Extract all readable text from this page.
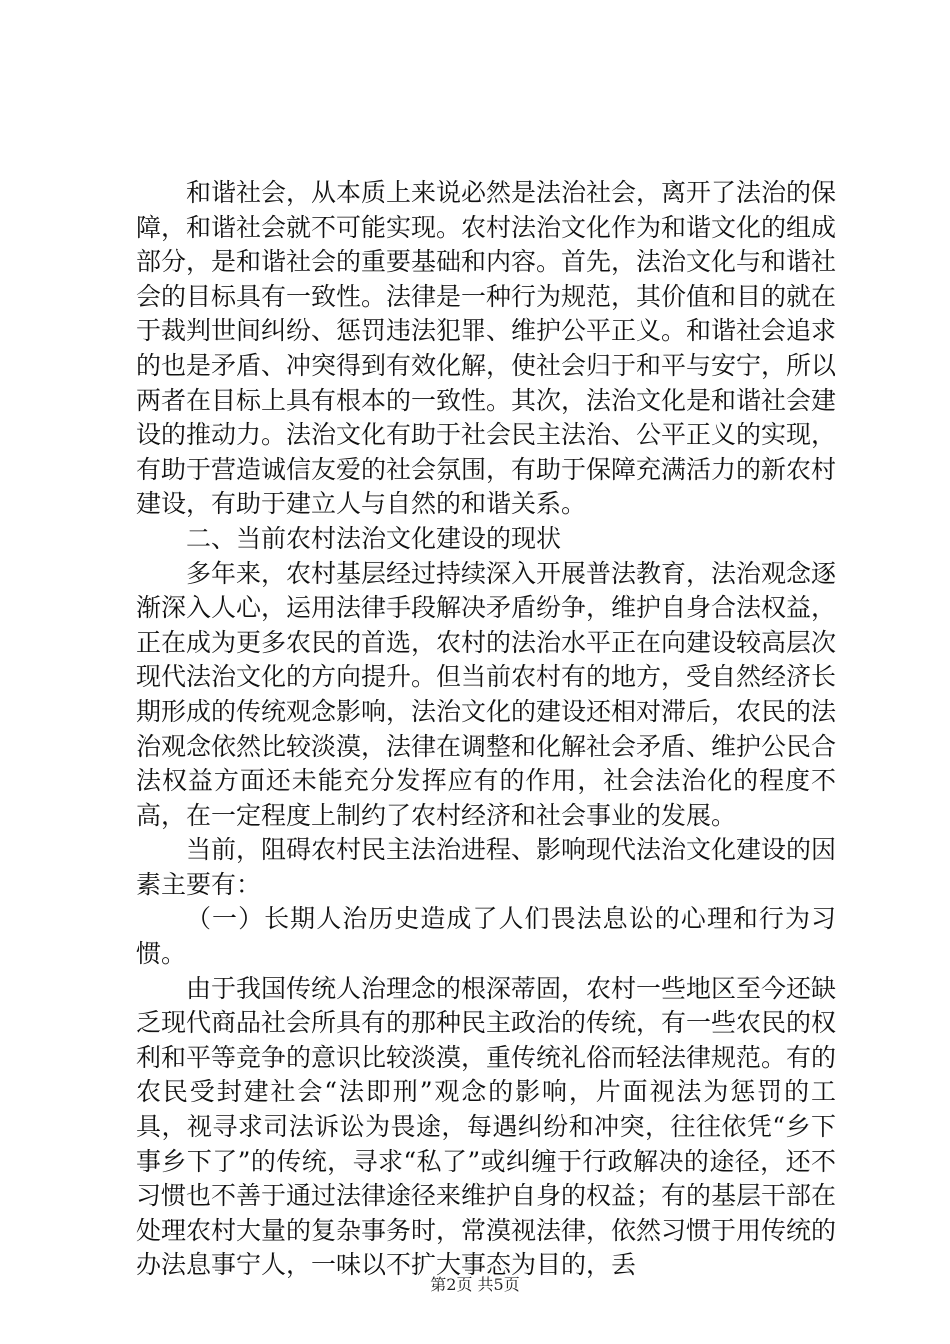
和谐社会，从本质上来说必然是法治社会，离开了法治的保障，和谐社会就不可能实现。农村法治文化作为和谐文化的组成部分，是和谐社会的重要基础和内容。首先，法治文化与和谐社会的目标具有一致性。法律是一种行为规范，其价值和目的就在于裁判世间纠纷、惩罚违法犯罪、维护公平正义。和谐社会追求的也是矛盾、冲突得到有效化解，使社会归于和平与安宁，所以两者在目标上具有根本的一致性。其次，法治文化是和谐社会建设的推动力。法治文化有助于社会民主法治、公平正义的实现，有助于营造诚信友爱的社会氛围，有助于保障充满活力的新农村建设，有助于建立人与自然的和谐关系。

二、当前农村法治文化建设的现状

多年来，农村基层经过持续深入开展普法教育，法治观念逐渐深入人心，运用法律手段解决矛盾纷争，维护自身合法权益，正在成为更多农民的首选，农村的法治水平正在向建设较高层次现代法治文化的方向提升。但当前农村有的地方，受自然经济长期形成的传统观念影响，法治文化的建设还相对滞后，农民的法治观念依然比较淡漠，法律在调整和化解社会矛盾、维护公民合法权益方面还未能充分发挥应有的作用，社会法治化的程度不高，在一定程度上制约了农村经济和社会事业的发展。

当前，阻碍农村民主法治进程、影响现代法治文化建设的因素主要有：

（一）长期人治历史造成了人们畏法息讼的心理和行为习惯。

由于我国传统人治理念的根深蒂固，农村一些地区至今还缺乏现代商品社会所具有的那种民主政治的传统，有一些农民的权利和平等竞争的意识比较淡漠，重传统礼俗而轻法律规范。有的农民受封建社会“法即刑”观念的影响，片面视法为惩罚的工具，视寻求司法诉讼为畏途，每遇纠纷和冲突，往往依凭“乡下事乡下了”的传统，寻求“私了”或纠缠于行政解决的途径，还不习惯也不善于通过法律途径来维护自身的权益；有的基层干部在处理农村大量的复杂事务时，常漠视法律，依然习惯于用传统的办法息事宁人，一味以不扩大事态为目的，丢

第2页 共5页
